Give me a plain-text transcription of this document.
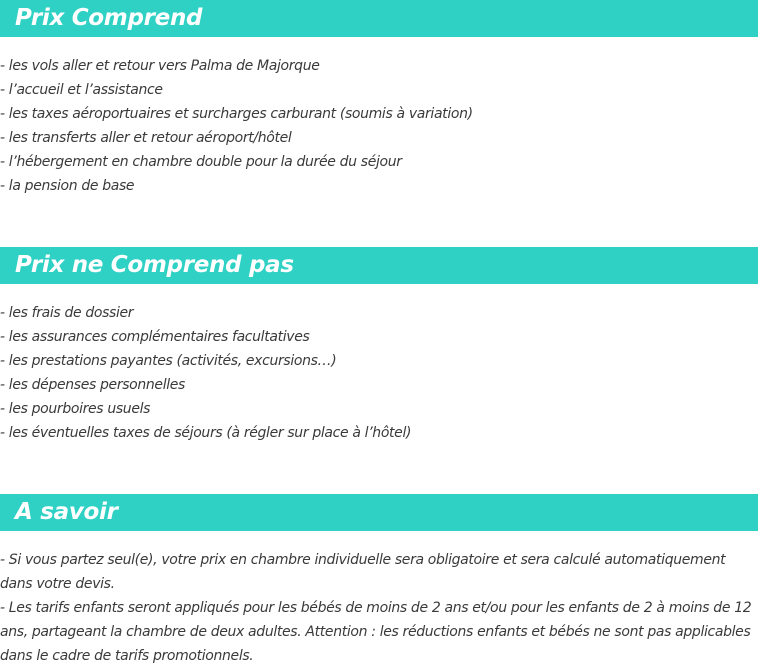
Prix Comprend
- les vols aller et retour vers Palma de Majorque
- l’accueil et l’assistance
- les taxes aéroportuaires et surcharges carburant (soumis à variation)
- les transferts aller et retour aéroport/hôtel
- l’hébergement en chambre double pour la durée du séjour
- la pension de base
Prix ne Comprend pas
- les frais de dossier
- les assurances complémentaires facultatives
- les prestations payantes (activités, excursions…)
- les dépenses personnelles
- les pourboires usuels
- les éventuelles taxes de séjours (à régler sur place à l’hôtel)
A savoir

- Si vous partez seul(e), votre prix en chambre individuelle sera obligatoire et sera calculé automatiquement dans votre devis.

- Les tarifs enfants seront appliqués pour les bébés de moins de 2 ans et/ou pour les enfants de 2 à moins de 12 ans, partageant la chambre de deux adultes. Attention : les réductions enfants et bébés ne sont pas applicables dans le cadre de tarifs promotionnels.
